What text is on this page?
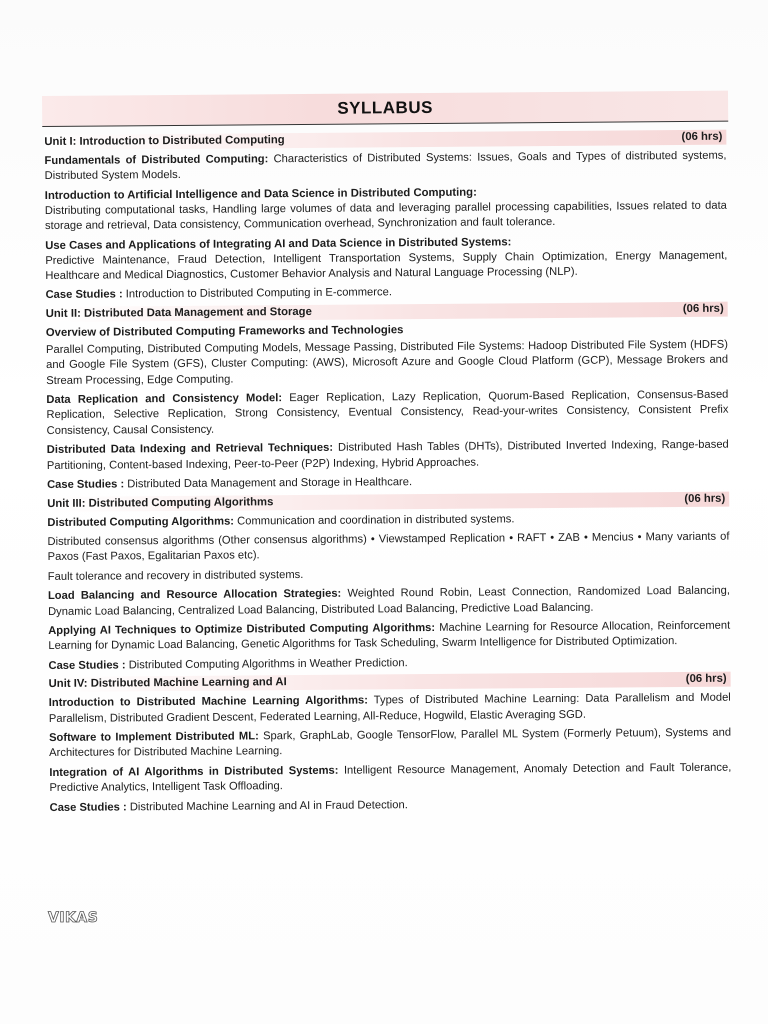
SYLLABUS
Unit I: Introduction to Distributed Computing	(06 hrs)

Fundamentals of Distributed Computing: Characteristics of Distributed Systems: Issues, Goals and Types of distributed systems, Distributed System Models.

Introduction to Artificial Intelligence and Data Science in Distributed Computing:

Distributing computational tasks, Handling large volumes of data and leveraging parallel processing capabilities, Issues related to data storage and retrieval, Data consistency, Communication overhead, Synchronization and fault tolerance.

Use Cases and Applications of Integrating AI and Data Science in Distributed Systems:

Predictive Maintenance, Fraud Detection, Intelligent Transportation Systems, Supply Chain Optimization, Energy Management, Healthcare and Medical Diagnostics, Customer Behavior Analysis and Natural Language Processing (NLP).

Case Studies : Introduction to Distributed Computing in E-commerce.

Unit II: Distributed Data Management and Storage	(06 hrs)
Overview of Distributed Computing Frameworks and Technologies

Parallel Computing, Distributed Computing Models, Message Passing, Distributed File Systems: Hadoop Distributed File System (HDFS) and Google File System (GFS), Cluster Computing: (AWS), Microsoft Azure and Google Cloud Platform (GCP), Message Brokers and Stream Processing, Edge Computing.

Data Replication and Consistency Model: Eager Replication, Lazy Replication, Quorum-Based Replication, Consensus-Based Replication, Selective Replication, Strong Consistency, Eventual Consistency, Read-your-writes Consistency, Consistent Prefix Consistency, Causal Consistency.

Distributed Data Indexing and Retrieval Techniques: Distributed Hash Tables (DHTs), Distributed Inverted Indexing, Range-based Partitioning, Content-based Indexing, Peer-to-Peer (P2P) Indexing, Hybrid Approaches.

Case Studies : Distributed Data Management and Storage in Healthcare.

Unit III: Distributed Computing Algorithms	(06 hrs)

Distributed Computing Algorithms: Communication and coordination in distributed systems.

Distributed consensus algorithms (Other consensus algorithms) • Viewstamped Replication • RAFT • ZAB • Mencius • Many variants of Paxos (Fast Paxos, Egalitarian Paxos etc).

Fault tolerance and recovery in distributed systems.

Load Balancing and Resource Allocation Strategies: Weighted Round Robin, Least Connection, Randomized Load Balancing, Dynamic Load Balancing, Centralized Load Balancing, Distributed Load Balancing, Predictive Load Balancing.

Applying AI Techniques to Optimize Distributed Computing Algorithms: Machine Learning for Resource Allocation, Reinforcement Learning for Dynamic Load Balancing, Genetic Algorithms for Task Scheduling, Swarm Intelligence for Distributed Optimization.

Case Studies : Distributed Computing Algorithms in Weather Prediction.

Unit IV: Distributed Machine Learning and AI	(06 hrs)

Introduction to Distributed Machine Learning Algorithms: Types of Distributed Machine Learning: Data Parallelism and Model Parallelism, Distributed Gradient Descent, Federated Learning, All-Reduce, Hogwild, Elastic Averaging SGD.

Software to Implement Distributed ML: Spark, GraphLab, Google TensorFlow, Parallel ML System (Formerly Petuum), Systems and Architectures for Distributed Machine Learning.

Integration of AI Algorithms in Distributed Systems: Intelligent Resource Management, Anomaly Detection and Fault Tolerance, Predictive Analytics, Intelligent Task Offloading.

Case Studies : Distributed Machine Learning and AI in Fraud Detection.

VIKAS
